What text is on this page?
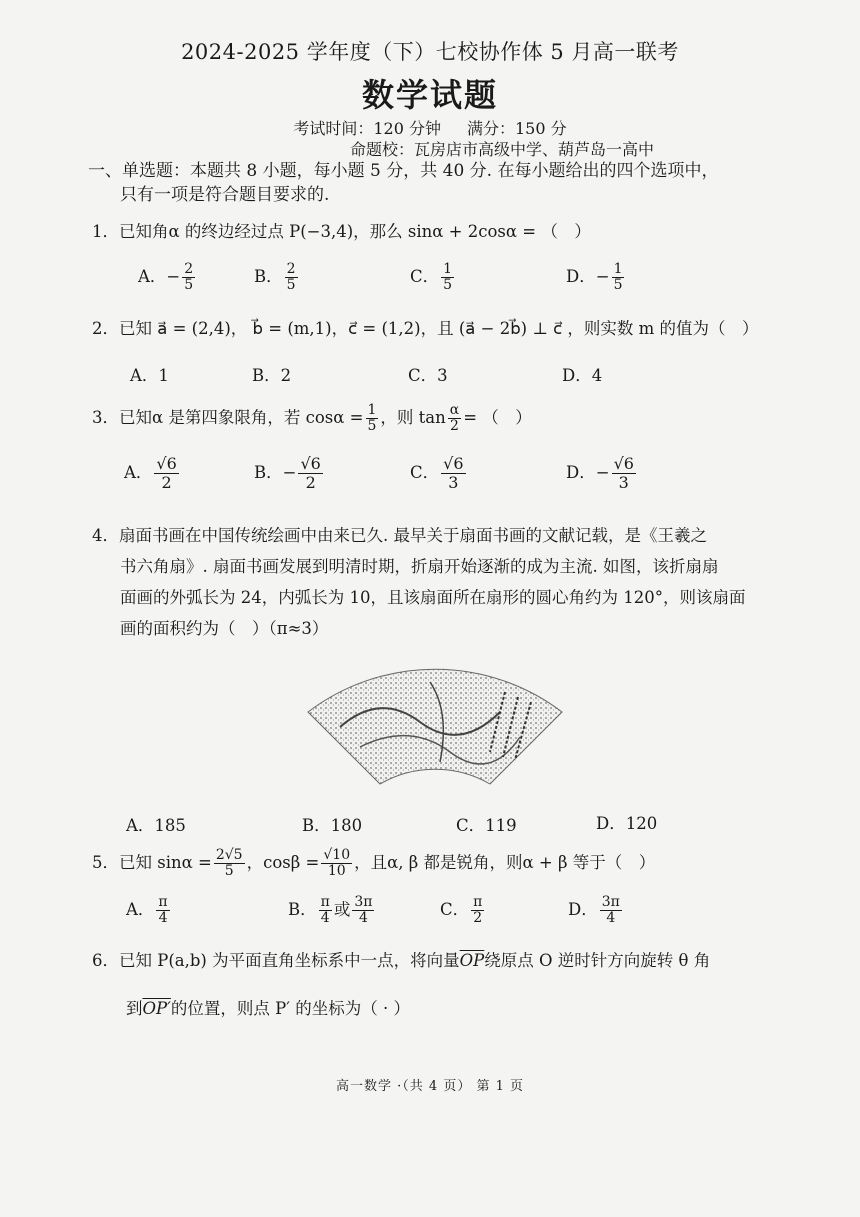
2024-2025 学年度（下）七校协作体 5 月高一联考
数学试题
考试时间：120 分钟 满分：150 分
命题校：瓦房店市高级中学、葫芦岛一高中
一、单选题：本题共 8 小题，每小题 5 分，共 40 分. 在每小题给出的四个选项中，
只有一项是符合题目要求的.
1．已知角α 的终边经过点 P(−3,4)，那么 sinα + 2cosα = （　）
A．− $\frac{2}{5}$	B． $\frac{2}{5}$	C． $\frac{1}{5}$	D．− $\frac{1}{5}$
2．已知 a⃗ = (2,4)， b⃗ = (m,1)，c⃗ = (1,2)，且 (a⃗ − 2b⃗) ⊥ c⃗ ，则实数 m 的值为（　）
A．1	B．2	C．3	D．4
3．已知α 是第四象限角，若 $\cos\alpha = \frac{1}{5}$ ，则 $\tan \frac{\alpha}{2}$ = （　）
A． $\frac{√6}{2}$	B．− $\frac{√6}{2}$	C． $\frac{√6}{3}$	D．− $\frac{√6}{3}$
4．扇面书画在中国传统绘画中由来已久. 最早关于扇面书画的文献记载，是《王羲之
书六角扇》. 扇面书画发展到明清时期，折扇开始逐渐的成为主流. 如图，该折扇扇
面画的外弧长为 24，内弧长为 10，且该扇面所在扇形的圆心角约为 120°，则该扇面
画的面积约为（　）（π≈3）
A．185	B．180	C．119	D．120
5．已知 $\sin\alpha = \frac{2√5}{5}$ ，$\cos\beta = \frac{√10}{10}$ ，且α, β 都是锐角，则α + β 等于（　）
A． $\frac{\pi}{4}$	B． $\frac{\pi}{4}$ 或 $\frac{3\pi}{4}$	C． $\frac{\pi}{2}$	D． $\frac{3\pi}{4}$
6．已知 P(a,b) 为平面直角坐标系中一点，将向量$\overline{OP}$绕原点 O 逆时针方向旋转 θ 角
到OP′的位置，则点 P′ 的坐标为（ · ）
高一数学 ·（共 4 页） 第 1 页
